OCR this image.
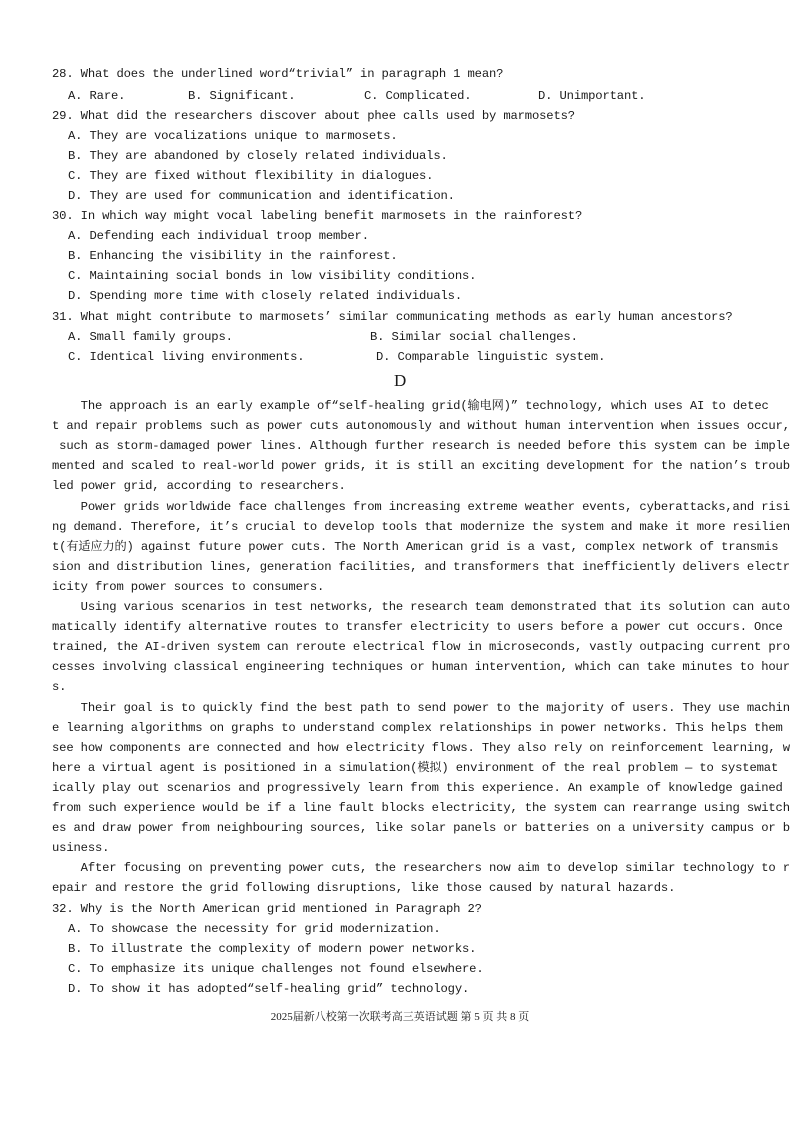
28. What does the underlined word“trivial” in paragraph 1 mean?
A. Rare.	B. Significant.	C. Complicated.	D. Unimportant.
29. What did the researchers discover about phee calls used by marmosets?
A. They are vocalizations unique to marmosets.
B. They are abandoned by closely related individuals.
C. They are fixed without flexibility in dialogues.
D. They are used for communication and identification.
30. In which way might vocal labeling benefit marmosets in the rainforest?
A. Defending each individual troop member.
B. Enhancing the visibility in the rainforest.
C. Maintaining social bonds in low visibility conditions.
D. Spending more time with closely related individuals.
31. What might contribute to marmosets’ similar communicating methods as early human ancestors?
A. Small family groups.	B. Similar social challenges.
C. Identical living environments.	D. Comparable linguistic system.
D
The approach is an early example of“self-healing grid(输电网)” technology, which uses AI to detec
t and repair problems such as power cuts autonomously and without human intervention when issues occur,
such as storm-damaged power lines. Although further research is needed before this system can be imple
mented and scaled to real-world power grids, it is still an exciting development for the nation’s troub
led power grid, according to researchers.
Power grids worldwide face challenges from increasing extreme weather events, cyberattacks,and risi
ng demand. Therefore, it’s crucial to develop tools that modernize the system and make it more resilien
t(有适应力的) against future power cuts. The North American grid is a vast, complex network of transmis
sion and distribution lines, generation facilities, and transformers that inefficiently delivers electr
icity from power sources to consumers.
Using various scenarios in test networks, the research team demonstrated that its solution can auto
matically identify alternative routes to transfer electricity to users before a power cut occurs. Once
trained, the AI-driven system can reroute electrical flow in microseconds, vastly outpacing current pro
cesses involving classical engineering techniques or human intervention, which can take minutes to hour
s.
Their goal is to quickly find the best path to send power to the majority of users. They use machin
e learning algorithms on graphs to understand complex relationships in power networks. This helps them
see how components are connected and how electricity flows. They also rely on reinforcement learning, w
here a virtual agent is positioned in a simulation(模拟) environment of the real problem — to systemat
ically play out scenarios and progressively learn from this experience. An example of knowledge gained
from such experience would be if a line fault blocks electricity, the system can rearrange using switch
es and draw power from neighbouring sources, like solar panels or batteries on a university campus or b
usiness.
After focusing on preventing power cuts, the researchers now aim to develop similar technology to r
epair and restore the grid following disruptions, like those caused by natural hazards.
32. Why is the North American grid mentioned in Paragraph 2?
A. To showcase the necessity for grid modernization.
B. To illustrate the complexity of modern power networks.
C. To emphasize its unique challenges not found elsewhere.
D. To show it has adopted“self-healing grid” technology.
2025届新八校第一次联考高三英语试题 第 5 页 共 8 页
